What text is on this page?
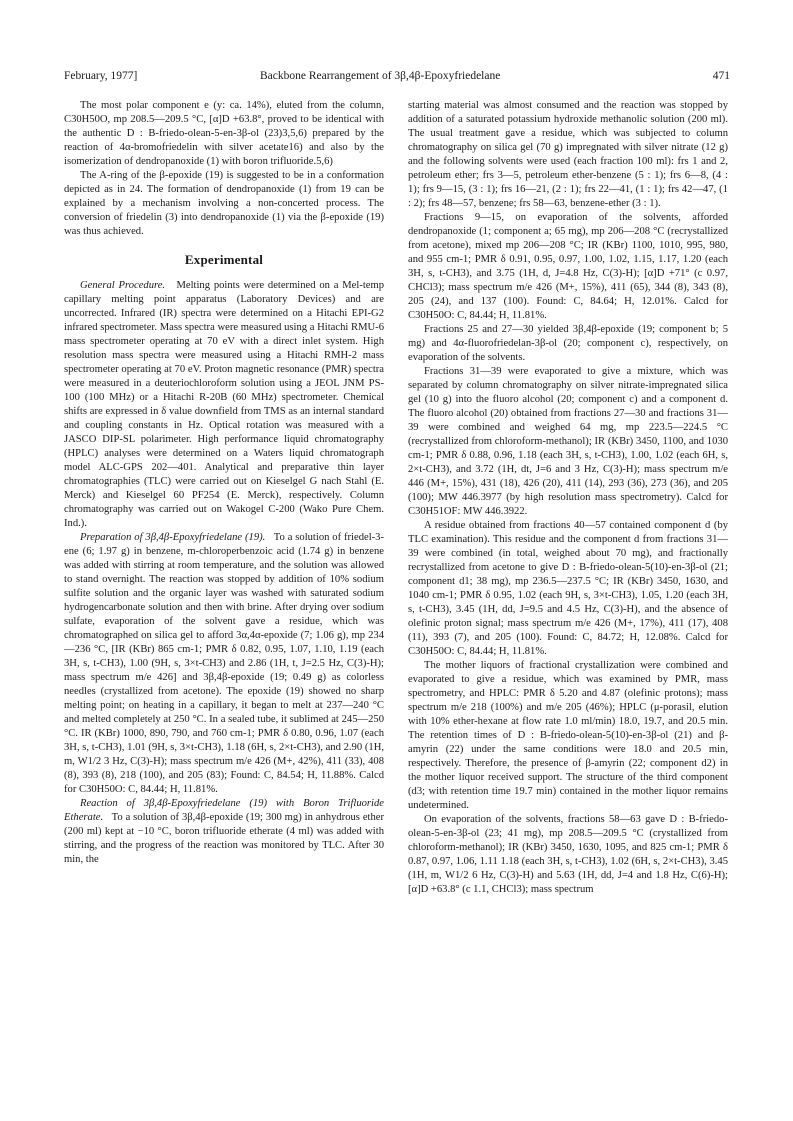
February, 1977]	Backbone Rearrangement of 3β,4β-Epoxyfriedelane	471

The most polar component e (y: ca. 14%), eluted from the column, C30H50O, mp 208.5—209.5 °C, [α]D +63.8°, proved to be identical with the authentic D : B-friedo-olean-5-en-3β-ol (23)3,5,6) prepared by the reaction of 4α-bromofriedelin with silver acetate16) and also by the isomerization of dendropanoxide (1) with boron trifluoride.5,6)

The A-ring of the β-epoxide (19) is suggested to be in a conformation depicted as in 24. The formation of dendropanoxide (1) from 19 can be explained by a mechanism involving a non-concerted process. The conversion of friedelin (3) into dendropanoxide (1) via the β-epoxide (19) was thus achieved.

Experimental

General Procedure. Melting points were determined on a Mel-temp capillary melting point apparatus (Laboratory Devices) and are uncorrected. Infrared (IR) spectra were determined on a Hitachi EPI-G2 infrared spectrometer. Mass spectra were measured using a Hitachi RMU-6 mass spectrometer operating at 70 eV with a direct inlet system. High resolution mass spectra were measured using a Hitachi RMH-2 mass spectrometer operating at 70 eV. Proton magnetic resonance (PMR) spectra were measured in a deuteriochloroform solution using a JEOL JNM PS-100 (100 MHz) or a Hitachi R-20B (60 MHz) spectrometer. Chemical shifts are expressed in δ value downfield from TMS as an internal standard and coupling constants in Hz. Optical rotation was measured with a JASCO DIP-SL polarimeter. High performance liquid chromatography (HPLC) analyses were determined on a Waters liquid chromatograph model ALC-GPS 202—401. Analytical and preparative thin layer chromatographies (TLC) were carried out on Kieselgel G nach Stahl (E. Merck) and Kieselgel 60 PF254 (E. Merck), respectively. Column chromatography was carried out on Wakogel C-200 (Wako Pure Chem. Ind.).

Preparation of 3β,4β-Epoxyfriedelane (19). To a solution of friedel-3-ene (6; 1.97 g) in benzene, m-chloroperbenzoic acid (1.74 g) in benzene was added with stirring at room temperature, and the solution was allowed to stand overnight. The reaction was stopped by addition of 10% sodium sulfite solution and the organic layer was washed with saturated sodium hydrogencarbonate solution and then with brine. After drying over sodium sulfate, evaporation of the solvent gave a residue, which was chromatographed on silica gel to afford 3α,4α-epoxide (7; 1.06 g), mp 234—236 °C, [IR (KBr) 865 cm-1; PMR δ 0.82, 0.95, 1.07, 1.10, 1.19 (each 3H, s, t-CH3), 1.00 (9H, s, 3×t-CH3) and 2.86 (1H, t, J=2.5 Hz, C(3)-H); mass spectrum m/e 426] and 3β,4β-epoxide (19; 0.49 g) as colorless needles (crystallized from acetone). The epoxide (19) showed no sharp melting point; on heating in a capillary, it began to melt at 237—240 °C and melted completely at 250 °C. In a sealed tube, it sublimed at 245—250 °C. IR (KBr) 1000, 890, 790, and 760 cm-1; PMR δ 0.80, 0.96, 1.07 (each 3H, s, t-CH3), 1.01 (9H, s, 3×t-CH3), 1.18 (6H, s, 2×t-CH3), and 2.90 (1H, m, W1/2 3 Hz, C(3)-H); mass spectrum m/e 426 (M+, 42%), 411 (33), 408 (8), 393 (8), 218 (100), and 205 (83); Found: C, 84.54; H, 11.88%. Calcd for C30H50O: C, 84.44; H, 11.81%.

Reaction of 3β,4β-Epoxyfriedelane (19) with Boron Trifluoride Etherate. To a solution of 3β,4β-epoxide (19; 300 mg) in anhydrous ether (200 ml) kept at −10 °C, boron trifluoride etherate (4 ml) was added with stirring, and the progress of the reaction was monitored by TLC. After 30 min, the

starting material was almost consumed and the reaction was stopped by addition of a saturated potassium hydroxide methanolic solution (200 ml). The usual treatment gave a residue, which was subjected to column chromatography on silica gel (70 g) impregnated with silver nitrate (12 g) and the following solvents were used (each fraction 100 ml): frs 1 and 2, petroleum ether; frs 3—5, petroleum ether-benzene (5 : 1); frs 6—8, (4 : 1); frs 9—15, (3 : 1); frs 16—21, (2 : 1); frs 22—41, (1 : 1); frs 42—47, (1 : 2); frs 48—57, benzene; frs 58—63, benzene-ether (3 : 1).

Fractions 9—15, on evaporation of the solvents, afforded dendropanoxide (1; component a; 65 mg), mp 206—208 °C (recrystallized from acetone), mixed mp 206—208 °C; IR (KBr) 1100, 1010, 995, 980, and 955 cm-1; PMR δ 0.91, 0.95, 0.97, 1.00, 1.02, 1.15, 1.17, 1.20 (each 3H, s, t-CH3), and 3.75 (1H, d, J=4.8 Hz, C(3)-H); [α]D +71° (c 0.97, CHCl3); mass spectrum m/e 426 (M+, 15%), 411 (65), 344 (8), 343 (8), 205 (24), and 137 (100). Found: C, 84.64; H, 12.01%. Calcd for C30H50O: C, 84.44; H, 11.81%.

Fractions 25 and 27—30 yielded 3β,4β-epoxide (19; component b; 5 mg) and 4α-fluorofriedelan-3β-ol (20; component c), respectively, on evaporation of the solvents.

Fractions 31—39 were evaporated to give a mixture, which was separated by column chromatography on silver nitrate-impregnated silica gel (10 g) into the fluoro alcohol (20; component c) and a component d. The fluoro alcohol (20) obtained from fractions 27—30 and fractions 31—39 were combined and weighed 64 mg, mp 223.5—224.5 °C (recrystallized from chloroform-methanol); IR (KBr) 3450, 1100, and 1030 cm-1; PMR δ 0.88, 0.96, 1.18 (each 3H, s, t-CH3), 1.00, 1.02 (each 6H, s, 2×t-CH3), and 3.72 (1H, dt, J=6 and 3 Hz, C(3)-H); mass spectrum m/e 446 (M+, 15%), 431 (18), 426 (20), 411 (14), 293 (36), 273 (36), and 205 (100); MW 446.3977 (by high resolution mass spectrometry). Calcd for C30H51OF: MW 446.3922.

A residue obtained from fractions 40—57 contained component d (by TLC examination). This residue and the component d from fractions 31—39 were combined (in total, weighed about 70 mg), and fractionally recrystallized from acetone to give D : B-friedo-olean-5(10)-en-3β-ol (21; component d1; 38 mg), mp 236.5—237.5 °C; IR (KBr) 3450, 1630, and 1040 cm-1; PMR δ 0.95, 1.02 (each 9H, s, 3×t-CH3), 1.05, 1.20 (each 3H, s, t-CH3), 3.45 (1H, dd, J=9.5 and 4.5 Hz, C(3)-H), and the absence of olefinic proton signal; mass spectrum m/e 426 (M+, 17%), 411 (17), 408 (11), 393 (7), and 205 (100). Found: C, 84.72; H, 12.08%. Calcd for C30H50O: C, 84.44; H, 11.81%.

The mother liquors of fractional crystallization were combined and evaporated to give a residue, which was examined by PMR, mass spectrometry, and HPLC: PMR δ 5.20 and 4.87 (olefinic protons); mass spectrum m/e 218 (100%) and m/e 205 (46%); HPLC (μ-porasil, elution with 10% ether-hexane at flow rate 1.0 ml/min) 18.0, 19.7, and 20.5 min. The retention times of D : B-friedo-olean-5(10)-en-3β-ol (21) and β-amyrin (22) under the same conditions were 18.0 and 20.5 min, respectively. Therefore, the presence of β-amyrin (22; component d2) in the mother liquor received support. The structure of the third component (d3; with retention time 19.7 min) contained in the mother liquor remains undetermined.

On evaporation of the solvents, fractions 58—63 gave D : B-friedo-olean-5-en-3β-ol (23; 41 mg), mp 208.5—209.5 °C (crystallized from chloroform-methanol); IR (KBr) 3450, 1630, 1095, and 825 cm-1; PMR δ 0.87, 0.97, 1.06, 1.11 1.18 (each 3H, s, t-CH3), 1.02 (6H, s, 2×t-CH3), 3.45 (1H, m, W1/2 6 Hz, C(3)-H) and 5.63 (1H, dd, J=4 and 1.8 Hz, C(6)-H); [α]D +63.8° (c 1.1, CHCl3); mass spectrum
